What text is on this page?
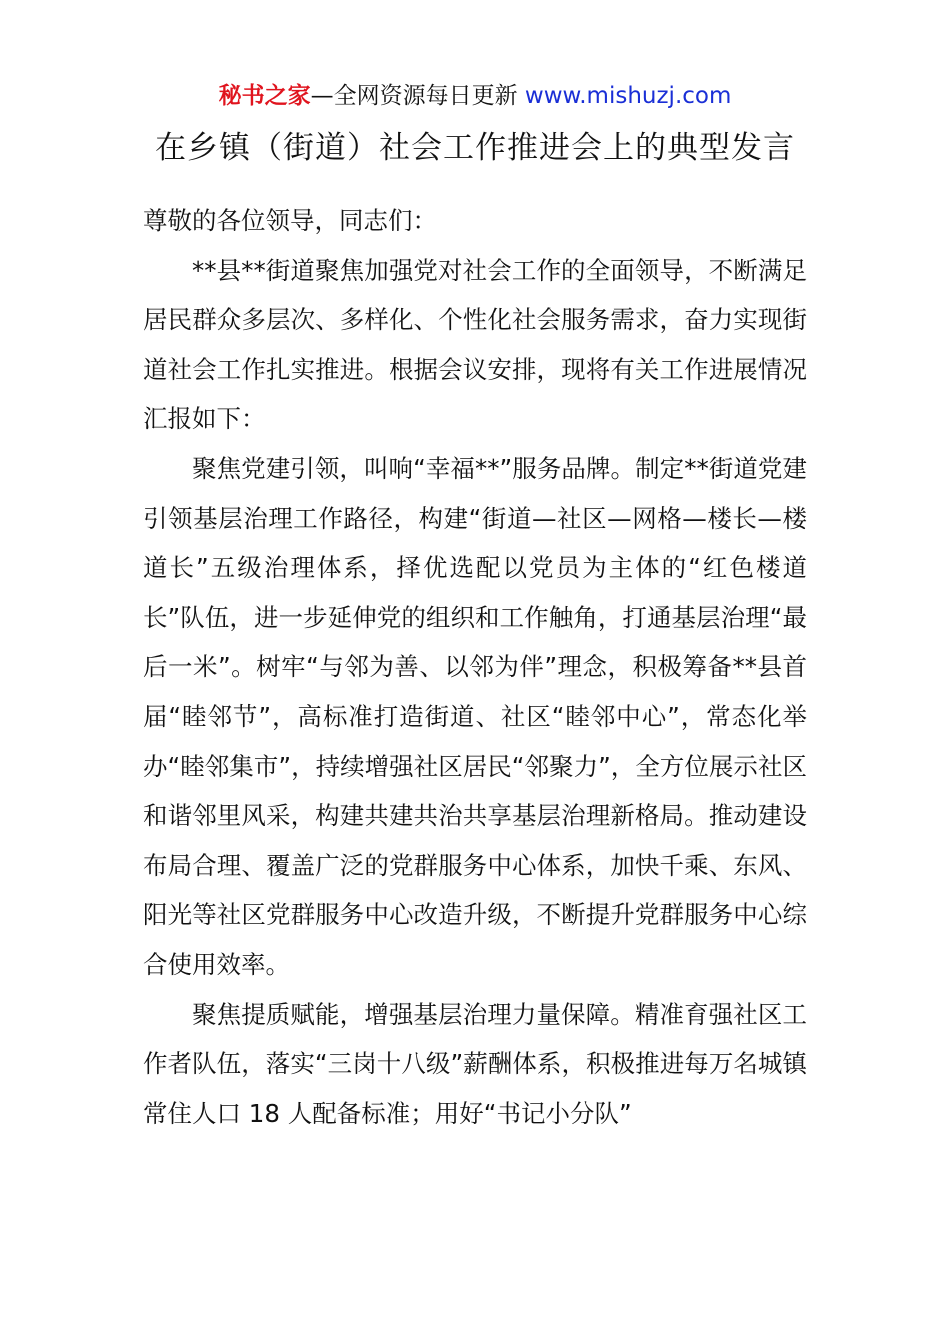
秘书之家—全网资源每日更新 www.mishuzj.com
在乡镇（街道）社会工作推进会上的典型发言

尊敬的各位领导，同志们：

**县**街道聚焦加强党对社会工作的全面领导，不断满足居民群众多层次、多样化、个性化社会服务需求，奋力实现街道社会工作扎实推进。根据会议安排，现将有关工作进展情况汇报如下：

聚焦党建引领，叫响“幸福**”服务品牌。制定**街道党建引领基层治理工作路径，构建“街道—社区—网格—楼长—楼道长”五级治理体系，择优选配以党员为主体的“红色楼道长”队伍，进一步延伸党的组织和工作触角，打通基层治理“最后一米”。树牢“与邻为善、以邻为伴”理念，积极筹备**县首届“睦邻节”，高标准打造街道、社区“睦邻中心”，常态化举办“睦邻集市”，持续增强社区居民“邻聚力”，全方位展示社区和谐邻里风采，构建共建共治共享基层治理新格局。推动建设布局合理、覆盖广泛的党群服务中心体系，加快千乘、东风、阳光等社区党群服务中心改造升级，不断提升党群服务中心综合使用效率。

聚焦提质赋能，增强基层治理力量保障。精准育强社区工作者队伍，落实“三岗十八级”薪酬体系，积极推进每万名城镇常住人口 18 人配备标准；用好“书记小分队”
